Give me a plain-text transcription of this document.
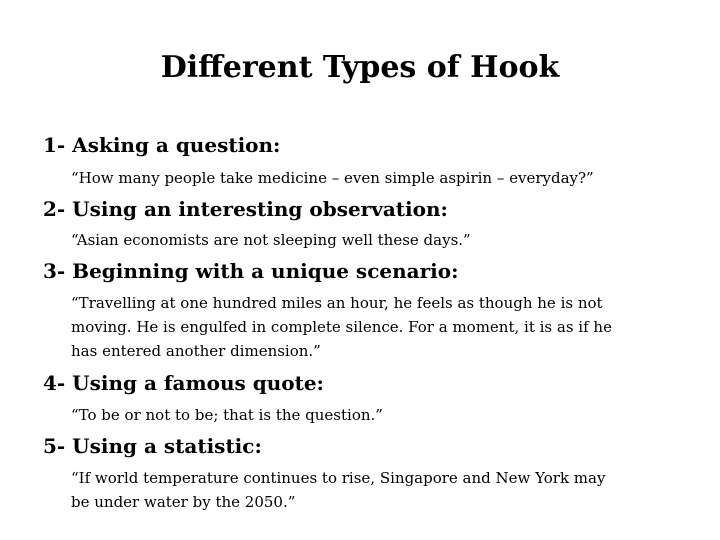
Different Types of Hook
1- Asking a question:
“How many people take medicine – even simple aspirin – everyday?”
2- Using an interesting observation:
“Asian economists are not sleeping well these days.”
3- Beginning with a unique scenario:
“Travelling at one hundred miles an hour, he feels as though he is not
moving. He is engulfed in complete silence. For a moment, it is as if he
has entered another dimension.”
4- Using a famous quote:
“To be or not to be; that is the question.”
5- Using a statistic:
“If world temperature continues to rise, Singapore and New York may
be under water by the 2050.”
